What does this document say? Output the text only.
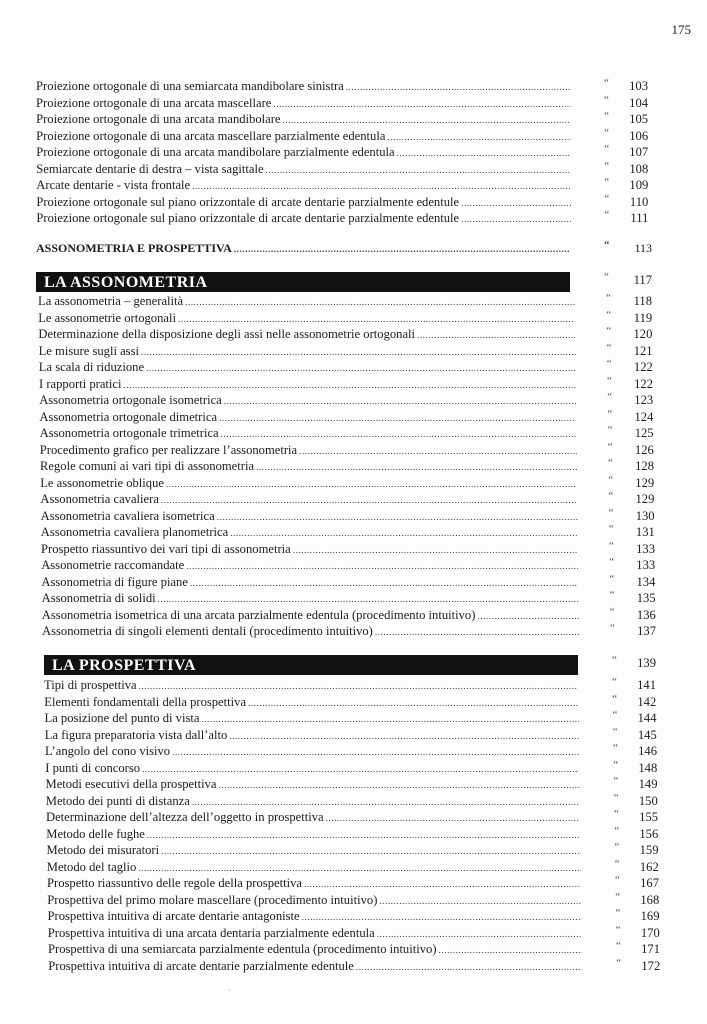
175
Proiezione ortogonale di una semiarcata mandibolare sinistra .....	“	103
Proiezione ortogonale di una arcata mascellare .....	“	104
Proiezione ortogonale di una arcata mandibolare .....	“	105
Proiezione ortogonale di una arcata mascellare parzialmente edentula .....	“	106
Proiezione ortogonale di una arcata mandibolare parzialmente edentula .....	“	107
Semiarcate dentarie di destra – vista sagittale .....	“	108
Arcate dentarie - vista frontale .....	“	109
Proiezione ortogonale sul piano orizzontale di arcate dentarie parzialmente edentule .....	“	110
Proiezione ortogonale sul piano orizzontale di arcate dentarie parzialmente edentule .....	“	111
ASSONOMETRIA E PROSPETTIVA .....	“	113
LA ASSONOMETRIA	“	117
La assonometria – generalità .....	“	118
Le assonometrie ortogonali .....	“	119
Determinazione della disposizione degli assi nelle assonometrie ortogonali .....	“	120
Le misure sugli assi .....	“	121
La scala di riduzione .....	“	122
I rapporti pratici .....	“	122
Assonometria ortogonale isometrica .....	“	123
Assonometria ortogonale dimetrica .....	“	124
Assonometria ortogonale trimetrica .....	“	125
Procedimento grafico per realizzare l’assonometria .....	“	126
Regole comuni ai vari tipi di assonometria .....	“	128
Le assonometrie oblique .....	“	129
Assonometria cavaliera .....	“	129
Assonometria cavaliera isometrica .....	“	130
Assonometria cavaliera planometrica .....	“	131
Prospetto riassuntivo dei vari tipi di assonometria .....	“	133
Assonometrie raccomandate .....	“	133
Assonometria di figure piane .....	“	134
Assonometria di solidi .....	“	135
Assonometria isometrica di una arcata parzialmente edentula (procedimento intuitivo) .....	“	136
Assonometria di singoli elementi dentali (procedimento intuitivo) .....	“	137
LA PROSPETTIVA	“	139
Tipi di prospettiva .....	“	141
Elementi fondamentali della prospettiva .....	“	142
La posizione del punto di vista .....	“	144
La figura preparatoria vista dall’alto .....	“	145
L’angolo del cono visivo .....	“	146
I punti di concorso .....	“	148
Metodi esecutivi della prospettiva .....	“	149
Metodo dei punti di distanza .....	“	150
Determinazione dell’altezza dell’oggetto in prospettiva .....	“	155
Metodo delle fughe .....	“	156
Metodo dei misuratori .....	“	159
Metodo del taglio .....	“	162
Prospetto riassuntivo delle regole della prospettiva .....	“	167
Prospettiva del primo molare mascellare (procedimento intuitivo) .....	“	168
Prospettiva intuitiva di arcate dentarie antagoniste .....	“	169
Prospettiva intuitiva di una arcata dentaria parzialmente edentula .....	“	170
Prospettiva di una semiarcata parzialmente edentula (procedimento intuitivo) .....	“	171
Prospettiva intuitiva di arcate dentarie parzialmente edentule .....	“	172
·
